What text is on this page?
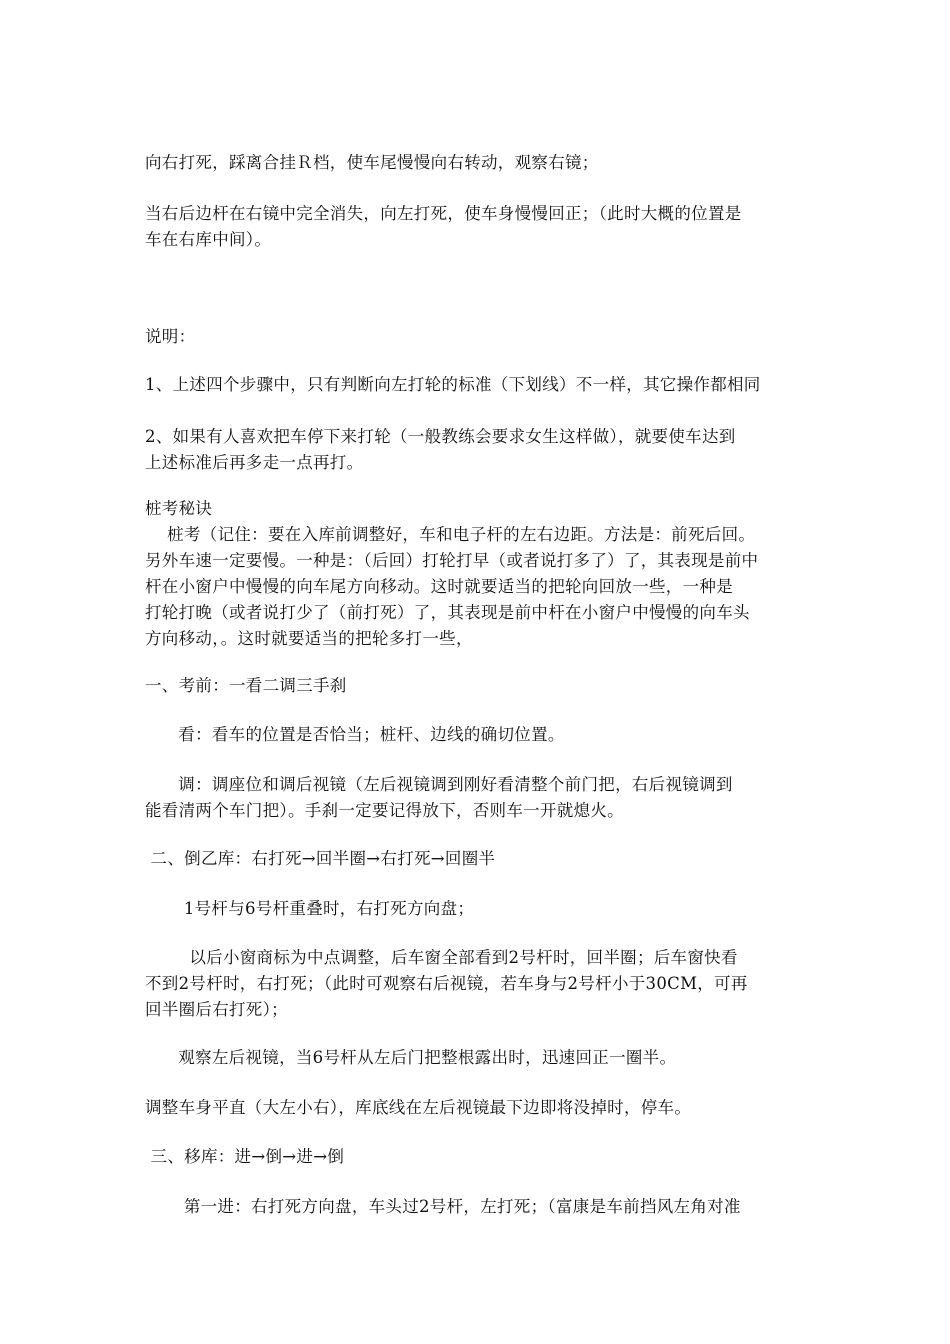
向右打死，踩离合挂Ｒ档，使车尾慢慢向右转动，观察右镜；
当右后边杆在右镜中完全消失，向左打死，使车身慢慢回正；（此时大概的位置是
车在右库中间）。
说明：
1、上述四个步骤中，只有判断向左打轮的标准（下划线）不一样，其它操作都相同
2、如果有人喜欢把车停下来打轮（一般教练会要求女生这样做），就要使车达到
上述标准后再多走一点再打。
桩考秘诀
桩考（记住：要在入库前调整好，车和电子杆的左右边距。方法是：前死后回。
另外车速一定要慢。一种是：（后回）打轮打早（或者说打多了）了，其表现是前中
杆在小窗户中慢慢的向车尾方向移动。这时就要适当的把轮向回放一些，一种是
打轮打晚（或者说打少了（前打死）了，其表现是前中杆在小窗户中慢慢的向车头
方向移动，。这时就要适当的把轮多打一些，
一、考前：一看二调三手刹
看：看车的位置是否恰当；桩杆、边线的确切位置。
调：调座位和调后视镜（左后视镜调到刚好看清整个前门把，右后视镜调到
能看清两个车门把）。手刹一定要记得放下，否则车一开就熄火。
二、倒乙库：右打死→回半圈→右打死→回圈半
1号杆与6号杆重叠时，右打死方向盘；
以后小窗商标为中点调整，后车窗全部看到2号杆时，回半圈；后车窗快看
不到2号杆时，右打死；（此时可观察右后视镜，若车身与2号杆小于30CM，可再
回半圈后右打死）；
观察左后视镜，当6号杆从左后门把整根露出时，迅速回正一圈半。
调整车身平直（大左小右），库底线在左后视镜最下边即将没掉时，停车。
三、移库：进→倒→进→倒
第一进：右打死方向盘，车头过2号杆，左打死；（富康是车前挡风左角对准
